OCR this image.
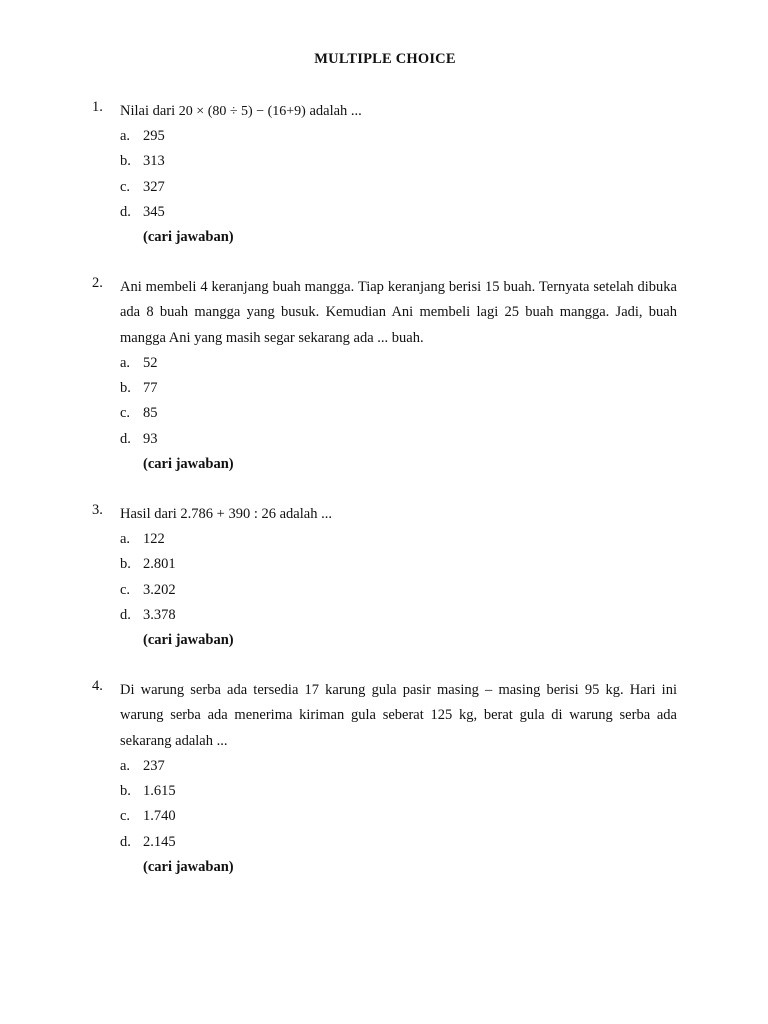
MULTIPLE CHOICE
1.	Nilai dari 20 × (80 ÷ 5) − (16+9) adalah ...
a. 295
b. 313
c. 327
d. 345
(cari jawaban)
2.	Ani membeli 4 keranjang buah mangga. Tiap keranjang berisi 15 buah. Ternyata setelah dibuka ada 8 buah mangga yang busuk. Kemudian Ani membeli lagi 25 buah mangga. Jadi, buah mangga Ani yang masih segar sekarang ada ... buah.
a. 52
b. 77
c. 85
d. 93
(cari jawaban)
3.	Hasil dari 2.786 + 390 : 26 adalah ...
a. 122
b. 2.801
c. 3.202
d. 3.378
(cari jawaban)
4.	Di warung serba ada tersedia 17 karung gula pasir masing – masing berisi 95 kg. Hari ini warung serba ada menerima kiriman gula seberat 125 kg, berat gula di warung serba ada sekarang adalah ...
a. 237
b. 1.615
c. 1.740
d. 2.145
(cari jawaban)
